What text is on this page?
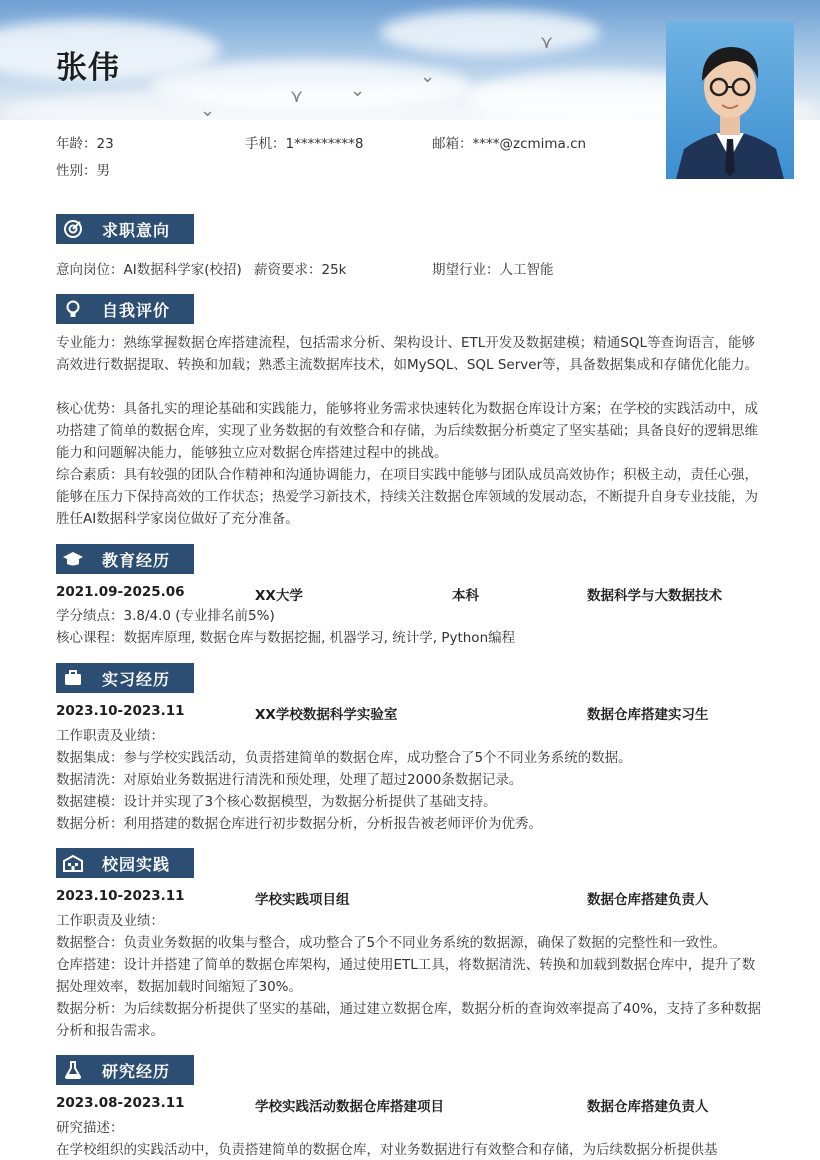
⋎
⌄
⌄
⋎
⌄
张伟
年龄：23	手机：1*********8	邮箱：****@zcmima.cn
性别：男
求职意向
意向岗位：AI数据科学家(校招) 薪资要求：25k	期望行业：人工智能
自我评价
专业能力：熟练掌握数据仓库搭建流程，包括需求分析、架构设计、ETL开发及数据建模；精通SQL等查询语言，能够高效进行数据提取、转换和加载；熟悉主流数据库技术，如MySQL、SQL Server等，具备数据集成和存储优化能力。
核心优势：具备扎实的理论基础和实践能力，能够将业务需求快速转化为数据仓库设计方案；在学校的实践活动中，成功搭建了简单的数据仓库，实现了业务数据的有效整合和存储，为后续数据分析奠定了坚实基础；具备良好的逻辑思维能力和问题解决能力，能够独立应对数据仓库搭建过程中的挑战。
综合素质：具有较强的团队合作精神和沟通协调能力，在项目实践中能够与团队成员高效协作；积极主动，责任心强，能够在压力下保持高效的工作状态；热爱学习新技术，持续关注数据仓库领域的发展动态，不断提升自身专业技能，为胜任AI数据科学家岗位做好了充分准备。
教育经历
2021.09-2025.06	XX大学	本科	数据科学与大数据技术
学分绩点：3.8/4.0 (专业排名前5%)
核心课程：数据库原理, 数据仓库与数据挖掘, 机器学习, 统计学, Python编程
实习经历
2023.10-2023.11	XX学校数据科学实验室	数据仓库搭建实习生
工作职责及业绩：
数据集成：参与学校实践活动，负责搭建简单的数据仓库，成功整合了5个不同业务系统的数据。
数据清洗：对原始业务数据进行清洗和预处理，处理了超过2000条数据记录。
数据建模：设计并实现了3个核心数据模型，为数据分析提供了基础支持。
数据分析：利用搭建的数据仓库进行初步数据分析，分析报告被老师评价为优秀。
校园实践
2023.10-2023.11	学校实践项目组	数据仓库搭建负责人
工作职责及业绩：
数据整合：负责业务数据的收集与整合，成功整合了5个不同业务系统的数据源，确保了数据的完整性和一致性。
仓库搭建：设计并搭建了简单的数据仓库架构，通过使用ETL工具，将数据清洗、转换和加载到数据仓库中，提升了数据处理效率，数据加载时间缩短了30%。
数据分析：为后续数据分析提供了坚实的基础，通过建立数据仓库，数据分析的查询效率提高了40%，支持了多种数据分析和报告需求。
研究经历
2023.08-2023.11	学校实践活动数据仓库搭建项目	数据仓库搭建负责人
研究描述：
在学校组织的实践活动中，负责搭建简单的数据仓库，对业务数据进行有效整合和存储，为后续数据分析提供基
